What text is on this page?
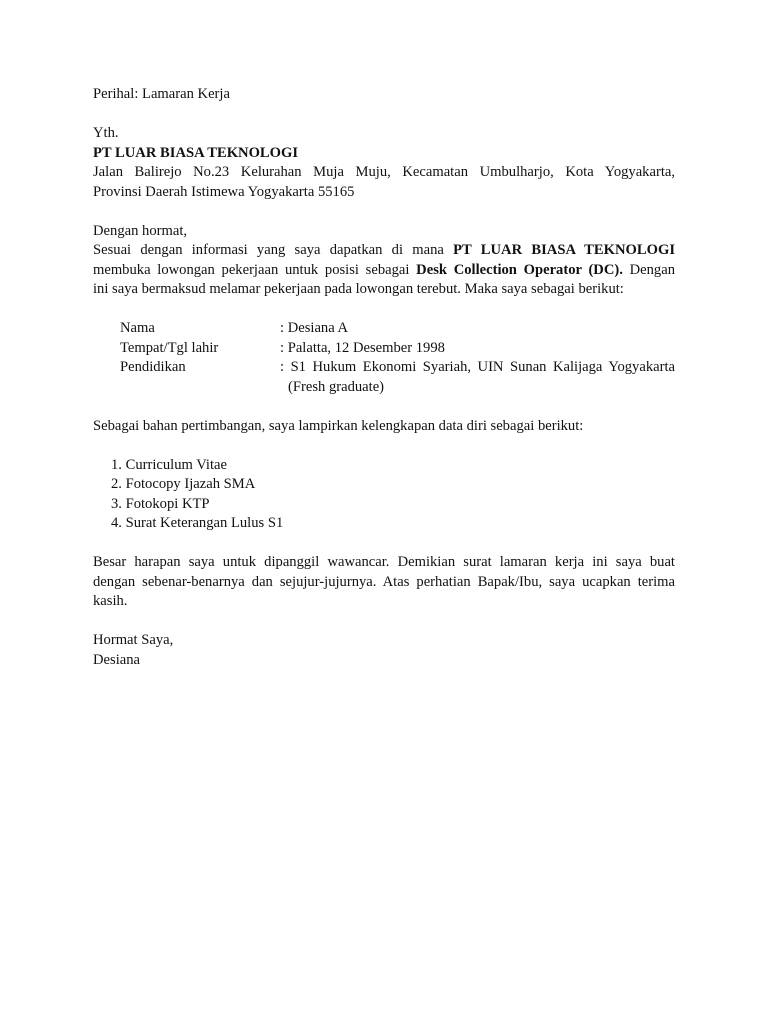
Perihal: Lamaran Kerja
Yth.
PT LUAR BIASA TEKNOLOGI
Jalan Balirejo No.23 Kelurahan Muja Muju, Kecamatan Umbulharjo, Kota Yogyakarta,
Provinsi Daerah Istimewa Yogyakarta 55165
Dengan hormat,
Sesuai dengan informasi yang saya dapatkan di mana PT LUAR BIASA TEKNOLOGI
membuka lowongan pekerjaan untuk posisi sebagai Desk Collection Operator (DC). Dengan
ini saya bermaksud melamar pekerjaan pada lowongan terebut. Maka saya sebagai berikut:
Nama	: Desiana A
Tempat/Tgl lahir	: Palatta, 12 Desember 1998
Pendidikan	: S1 Hukum Ekonomi Syariah, UIN Sunan Kalijaga Yogyakarta
(Fresh graduate)
Sebagai bahan pertimbangan, saya lampirkan kelengkapan data diri sebagai berikut:
1. Curriculum Vitae
2. Fotocopy Ijazah SMA
3. Fotokopi KTP
4. Surat Keterangan Lulus S1
Besar harapan saya untuk dipanggil wawancar. Demikian surat lamaran kerja ini saya buat
dengan sebenar-benarnya dan sejujur-jujurnya. Atas perhatian Bapak/Ibu, saya ucapkan terima
kasih.
Hormat Saya,
Desiana
